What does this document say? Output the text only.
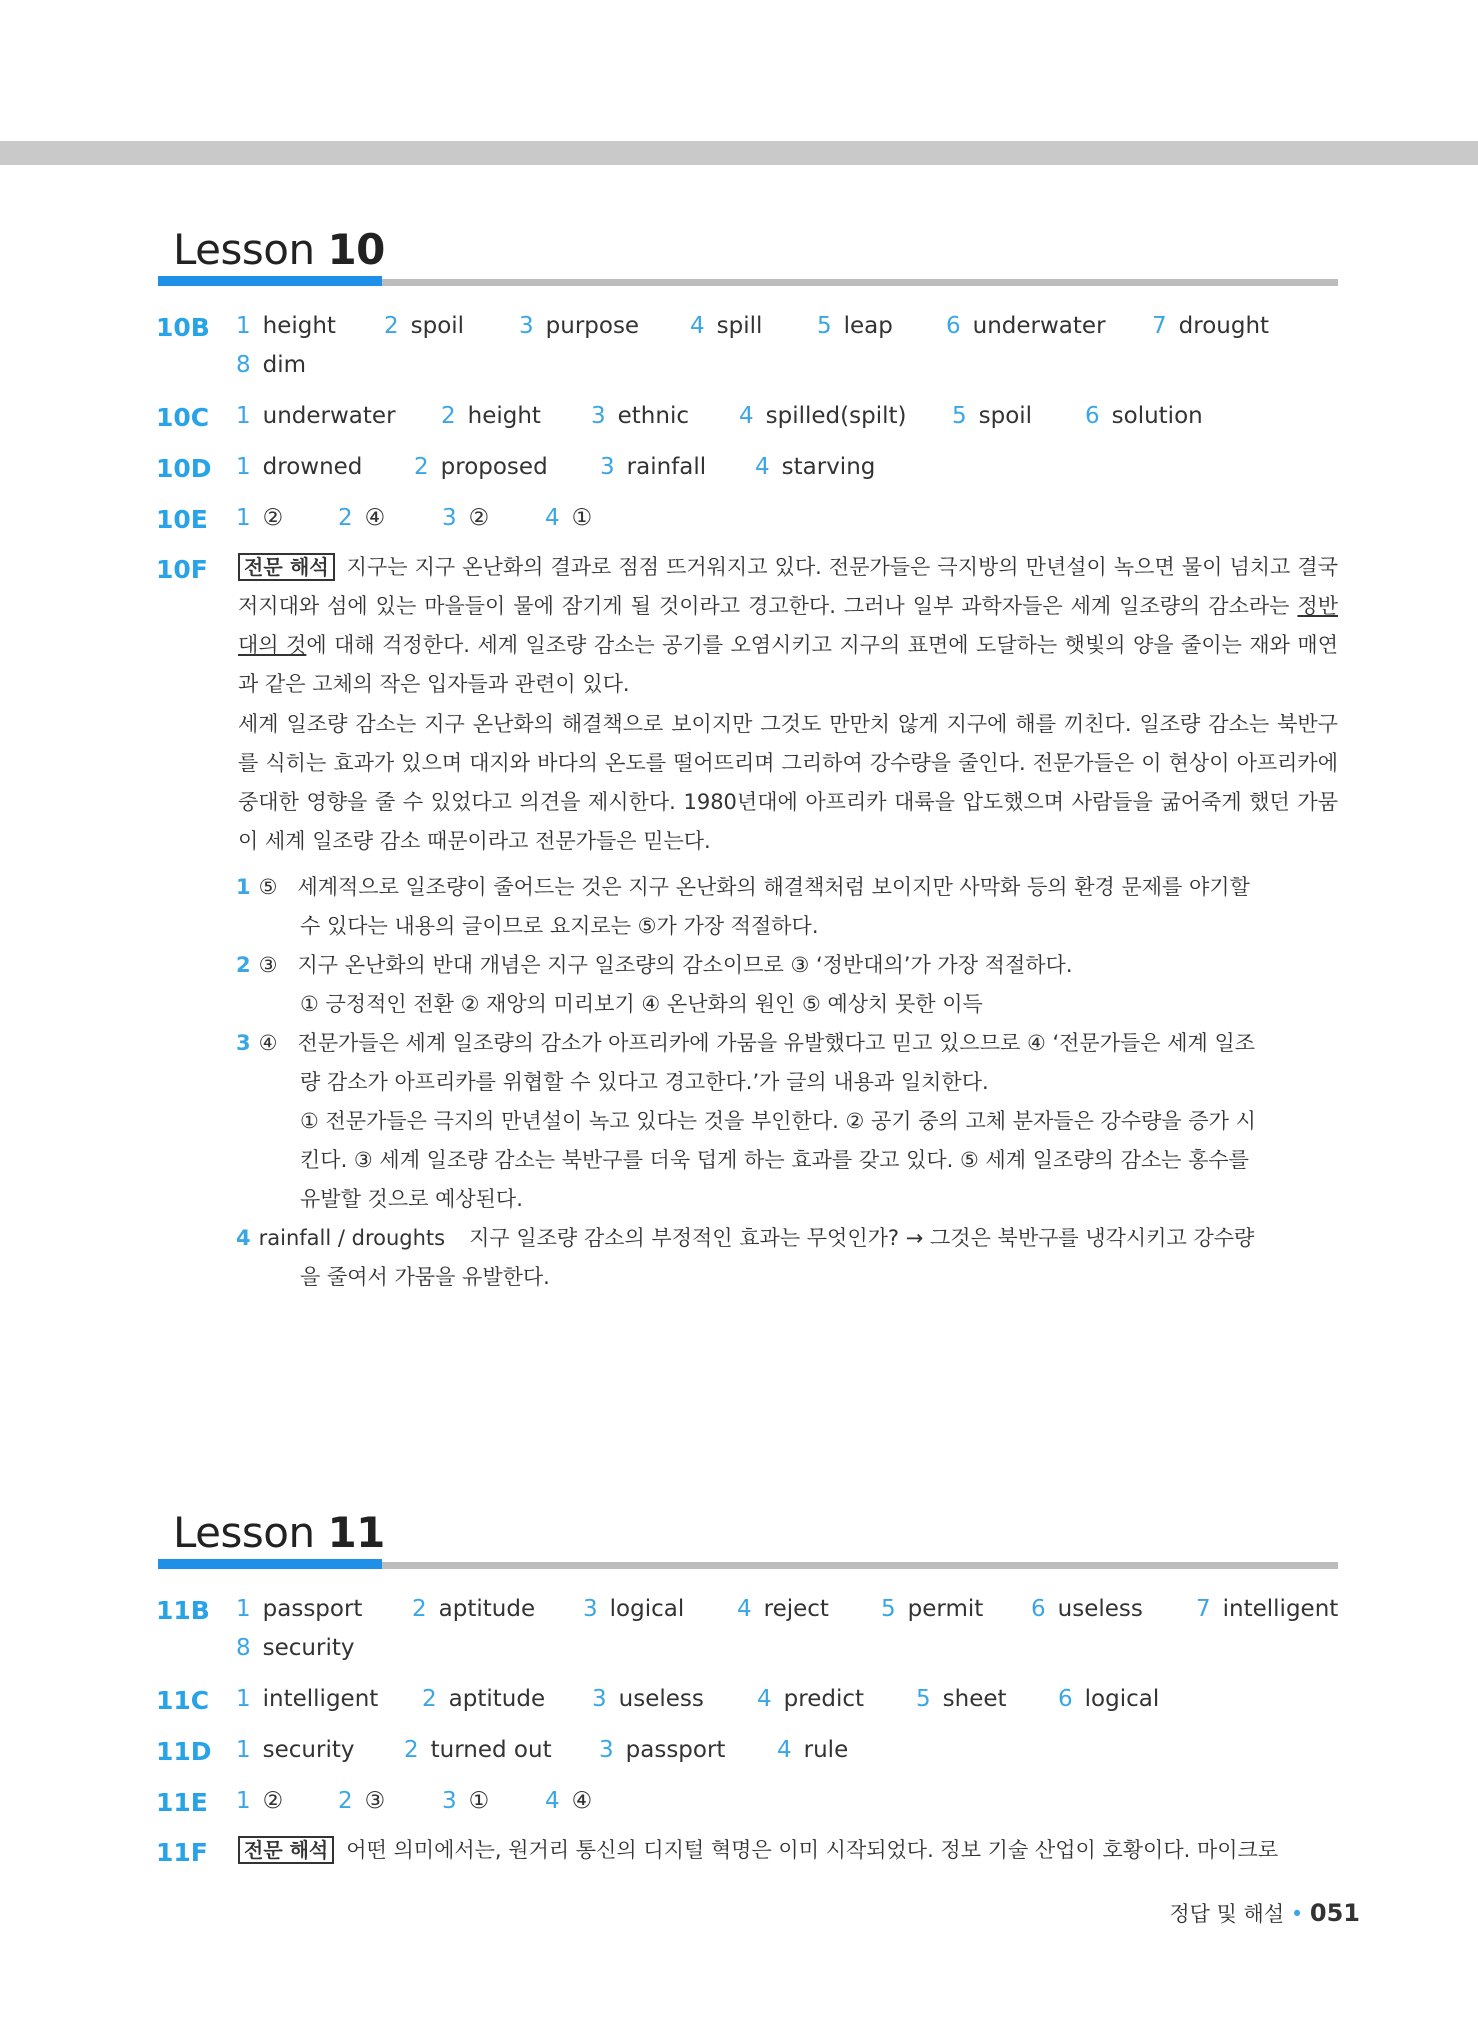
Lesson 10
10B 1 height 2 spoil 3 purpose 4 spill 5 leap 6 underwater 7 drought
8 dim
10C 1 underwater 2 height 3 ethnic 4 spilled(spilt) 5 spoil 6 solution
10D 1 drowned 2 proposed 3 rainfall 4 starving
10E 1 ② 2 ④ 3 ② 4 ①
10F	전문 해석 지구는 지구 온난화의 결과로 점점 뜨거워지고 있다. 전문가들은 극지방의 만년설이 녹으면 물이 넘치고 결국 저지대와 섬에 있는 마을들이 물에 잠기게 될 것이라고 경고한다. 그러나 일부 과학자들은 세계 일조량의 감소라는 정반대의 것에 대해 걱정한다. 세계 일조량 감소는 공기를 오염시키고 지구의 표면에 도달하는 햇빛의 양을 줄이는 재와 매연과 같은 고체의 작은 입자들과 관련이 있다.

세계 일조량 감소는 지구 온난화의 해결책으로 보이지만 그것도 만만치 않게 지구에 해를 끼친다. 일조량 감소는 북반구를 식히는 효과가 있으며 대지와 바다의 온도를 떨어뜨리며 그리하여 강수량을 줄인다. 전문가들은 이 현상이 아프리카에 중대한 영향을 줄 수 있었다고 의견을 제시한다. 1980년대에 아프리카 대륙을 압도했으며 사람들을 굶어죽게 했던 가뭄이 세계 일조량 감소 때문이라고 전문가들은 믿는다.

1 ⑤ 세계적으로 일조량이 줄어드는 것은 지구 온난화의 해결책처럼 보이지만 사막화 등의 환경 문제를 야기할
수 있다는 내용의 글이므로 요지로는 ⑤가 가장 적절하다.
2 ③ 지구 온난화의 반대 개념은 지구 일조량의 감소이므로 ③ ‘정반대의’가 가장 적절하다.
① 긍정적인 전환 ② 재앙의 미리보기 ④ 온난화의 원인 ⑤ 예상치 못한 이득
3 ④ 전문가들은 세계 일조량의 감소가 아프리카에 가뭄을 유발했다고 믿고 있으므로 ④ ‘전문가들은 세계 일조
량 감소가 아프리카를 위협할 수 있다고 경고한다.’가 글의 내용과 일치한다.
① 전문가들은 극지의 만년설이 녹고 있다는 것을 부인한다. ② 공기 중의 고체 분자들은 강수량을 증가 시
킨다. ③ 세계 일조량 감소는 북반구를 더욱 덥게 하는 효과를 갖고 있다. ⑤ 세계 일조량의 감소는 홍수를
유발할 것으로 예상된다.
4 rainfall / droughts 지구 일조량 감소의 부정적인 효과는 무엇인가? → 그것은 북반구를 냉각시키고 강수량
을 줄여서 가뭄을 유발한다.
Lesson 11
11B 1 passport 2 aptitude 3 logical 4 reject 5 permit 6 useless 7 intelligent
8 security
11C 1 intelligent 2 aptitude 3 useless 4 predict 5 sheet 6 logical
11D 1 security 2 turned out 3 passport 4 rule
11E 1 ② 2 ③ 3 ① 4 ④
11F	전문 해석 어떤 의미에서는, 원거리 통신의 디지털 혁명은 이미 시작되었다. 정보 기술 산업이 호황이다. 마이크로

정답 및 해설 • 051
